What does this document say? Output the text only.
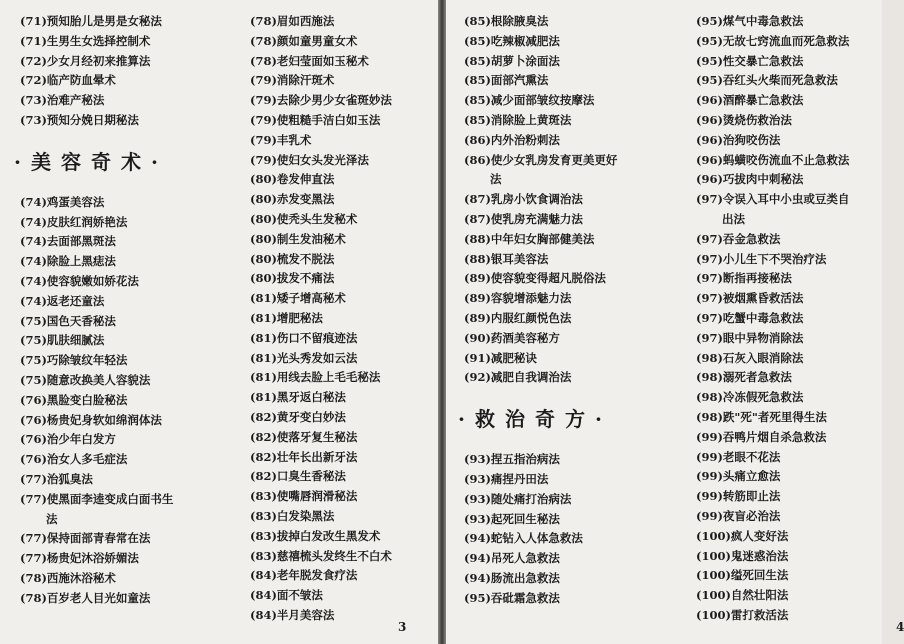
(71)预知胎儿是男是女秘法
(71)生男生女选择控制术
(72)少女月经初来推算法
(72)临产防血晕术
(73)治难产秘法
(73)预知分娩日期秘法
·美容奇术·
(74)鸡蛋美容法
(74)皮肤红润娇艳法
(74)去面部黑斑法
(74)除脸上黑痣法
(74)使容貌嫩如娇花法
(74)返老还童法
(75)国色天香秘法
(75)肌肤细腻法
(75)巧除皱纹年轻法
(75)随意改换美人容貌法
(76)黑脸变白脸秘法
(76)杨贵妃身软如绵润体法
(76)治少年白发方
(76)治女人多毛症法
(77)治狐臭法
(77)使黑面李逵变成白面书生
法
(77)保持面部青春常在法
(77)杨贵妃沐浴娇媚法
(78)西施沐浴秘术
(78)百岁老人目光如童法
(78)眉如西施法
(78)颜如童男童女术
(78)老妇莹面如玉秘术
(79)消除汗斑术
(79)去除少男少女雀斑妙法
(79)使粗糙手洁白如玉法
(79)丰乳术
(79)使妇女头发光泽法
(80)卷发伸直法
(80)赤发变黑法
(80)使秃头生发秘术
(80)制生发油秘术
(80)梳发不脱法
(80)拔发不痛法
(81)矮子增高秘术
(81)增肥秘法
(81)伤口不留痕迹法
(81)光头秀发如云法
(81)用线去脸上毛毛秘法
(81)黑牙返白秘法
(82)黄牙变白妙法
(82)使落牙复生秘法
(82)壮年长出新牙法
(82)口臭生香秘法
(83)使嘴唇润滑秘法
(83)白发染黑法
(83)拔掉白发改生黑发术
(83)慈禧梳头发终生不白术
(84)老年脱发食疗法
(84)面不皱法
(84)半月美容法
3
(85)根除腋臭法
(85)吃辣椒减肥法
(85)胡萝卜涂面法
(85)面部汽熏法
(85)减少面部皱纹按摩法
(85)消除脸上黄斑法
(86)内外治粉刺法
(86)使少女乳房发育更美更好
法
(87)乳房小饮食调治法
(87)使乳房充满魅力法
(88)中年妇女胸部健美法
(88)银耳美容法
(89)使容貌变得超凡脱俗法
(89)容貌增添魅力法
(89)内服红颜悦色法
(90)药酒美容秘方
(91)减肥秘诀
(92)减肥自我调治法
·救治奇方·
(93)捏五指治病法
(93)痛捏丹田法
(93)随处痛打治病法
(93)起死回生秘法
(94)蛇钻入人体急救法
(94)吊死人急救法
(94)肠流出急救法
(95)吞砒霜急救法
(95)煤气中毒急救法
(95)无故七窍流血而死急救法
(95)性交暴亡急救法
(95)吞红头火柴而死急救法
(96)酒醉暴亡急救法
(96)烫烧伤救治法
(96)治狗咬伤法
(96)蚂蟥咬伤流血不止急救法
(96)巧拔肉中刺秘法
(97)令误入耳中小虫或豆类自
出法
(97)吞金急救法
(97)小儿生下不哭治疗法
(97)断指再接秘法
(97)被烟熏昏救活法
(97)吃蟹中毒急救法
(97)眼中异物消除法
(98)石灰入眼消除法
(98)溺死者急救法
(98)冷冻假死急救法
(98)跌"死"者死里得生法
(99)吞鸭片烟自杀急救法
(99)老眼不花法
(99)头痛立愈法
(99)转筋即止法
(99)夜盲必治法
(100)疯人变好法
(100)鬼迷惑治法
(100)缢死回生法
(100)自然壮阳法
(100)雷打救活法
4
